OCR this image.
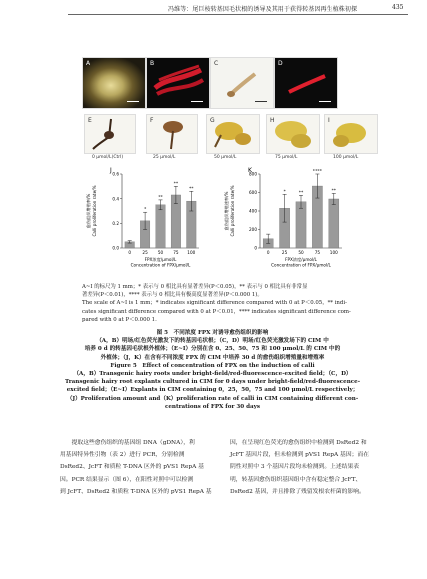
冯维等：尾巨桉转基因毛状根的诱导及其用于获得转基因再生植株初探	435
A	B	C	D
E	F	G	H	I
0 μmol/L(Ctrl)	25 μmol/L	50 μmol/L	75 μmol/L	100 μmol/L
J
0.0
0.2
0.4
0.6
愈伤组织增殖率/% Calli proliferation rate/%
0
*
25
**
50
**
75
**
100
FPX浓度/μmol/L
Concentration of FPX/μmol/L
K
0
200
400
600
800
愈伤组织增殖速率/% Calli proliferation rate/%
0
*
25
**
50
****
75
**
100
FPX浓度/μmol/L
Concentration of FPX/μmol/L
A~I 的标尺为 1 mm；* 表示与 0 相比具有显著差异(P＜0.05)，** 表示与 0 相比具有非常显
著差异(P＜0.01)，**** 表示与 0 相比具有极高度显著差异(P＜0.000 1)。
The scale of A~I is 1 mm；* indicates significant difference compared with 0 at P＜0.05，** indi-
cates significant difference compared with 0 at P＜0.01，**** indicates significant difference com-
pared with 0 at P＜0.000 1.
图 5　不同浓度 FPX 对诱导愈伤组织的影响
（A，B）明场/红色荧光激发下的转基因毛状根；（C，D）明场/红色荧光激发场下的 CIM 中
培养 0 d 的转基因毛状根外植体；（E~I）分别在含 0、25、50、75 和 100 μmol/L 的 CIM 中的
外植体；（J，K）在含有不同浓度 FPX 的 CIM 中培养 30 d 的愈伤组织增殖量和增殖率
Figure 5　Effect of concentration of FPX on the induction of calli
（A，B）Transgenic hairy roots under bright-field/red-fluorescence-excited field；（C，D）
Transgenic hairy root explants cultured in CIM for 0 days under bright-field/red-fluorescence-
excited field；（E~I）Explants in CIM containing 0，25，50，75 and 100 μmol/L respectively；
（J）Proliferation amount and（K）proliferation rate of calli in CIM containing different con-
centrations of FPX for 30 days
　　提取这些愈伤组织的基因组 DNA（gDNA），利
用基因特异性引物（表 2）进行 PCR，分别检测
DsRed2、JcFT 和质粒 T-DNA 区外的 pVS1 RepA 基
因。PCR 结果显示（图 6），在阳性对照中可以检测
到 JcFT、DsRed2 和质粒 T-DNA 区外的 pVS1 RepA 基
因，在呈现红色荧光的愈伤组织中检测到 DsRed2 和
JcFT 基因片段，但未检测到 pVS1 RepA 基因；而在
阴性对照中 3 个基因片段均未检测到。上述结果表
明，转基因愈伤组织基因组中含有稳定整合 JcFT、
DsRed2 基因，并且排除了残留发根农杆菌的影响。
